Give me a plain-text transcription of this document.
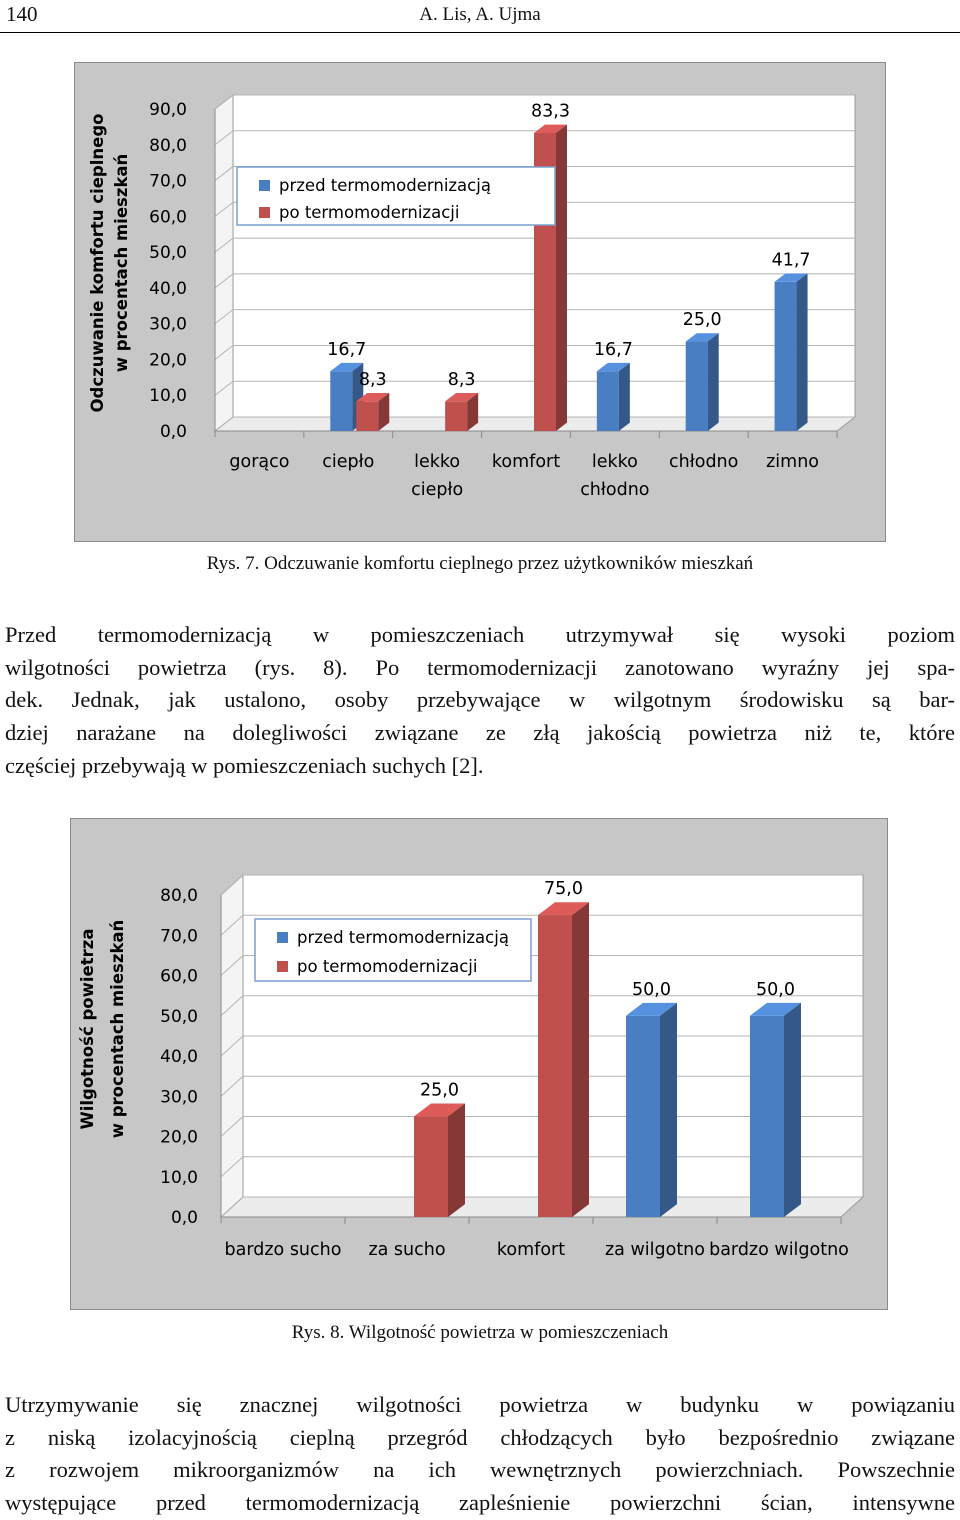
140	A. Lis, A. Ujma
0,0
10,0
20,0
30,0
40,0
50,0
60,0
70,0
80,0
90,0
Odczuwanie komfortu cieplnego w procentach mieszkań
gorąco ciepło
16,7
8,3
lekko
ciepło
8,3
komfort
83,3
lekko
chłodno
16,7
chłodno
25,0
zimno
41,7
przed termomodernizacją
po termomodernizacji
Rys. 7. Odczuwanie komfortu cieplnego przez użytkowników mieszkań
Przed termomodernizacją w pomieszczeniach utrzymywał się wysoki poziom
wilgotności powietrza (rys. 8). Po termomodernizacji zanotowano wyraźny jej spa-
dek. Jednak, jak ustalono, osoby przebywające w wilgotnym środowisku są bar-
dziej narażane na dolegliwości związane ze złą jakością powietrza niż te, które
częściej przebywają w pomieszczeniach suchych [2].
0,0
10,0
20,0
30,0
40,0
50,0
60,0
70,0
80,0
Wilgotność powietrza w procentach mieszkań
bardzo sucho za sucho
25,0
komfort
75,0
za wilgotno
50,0
bardzo wilgotno
50,0
przed termomodernizacją
po termomodernizacji
Rys. 8. Wilgotność powietrza w pomieszczeniach
Utrzymywanie się znacznej wilgotności powietrza w budynku w powiązaniu
z niską izolacyjnością cieplną przegród chłodzących było bezpośrednio związane
z rozwojem mikroorganizmów na ich wewnętrznych powierzchniach. Powszechnie
występujące przed termomodernizacją zapleśnienie powierzchni ścian, intensywne
